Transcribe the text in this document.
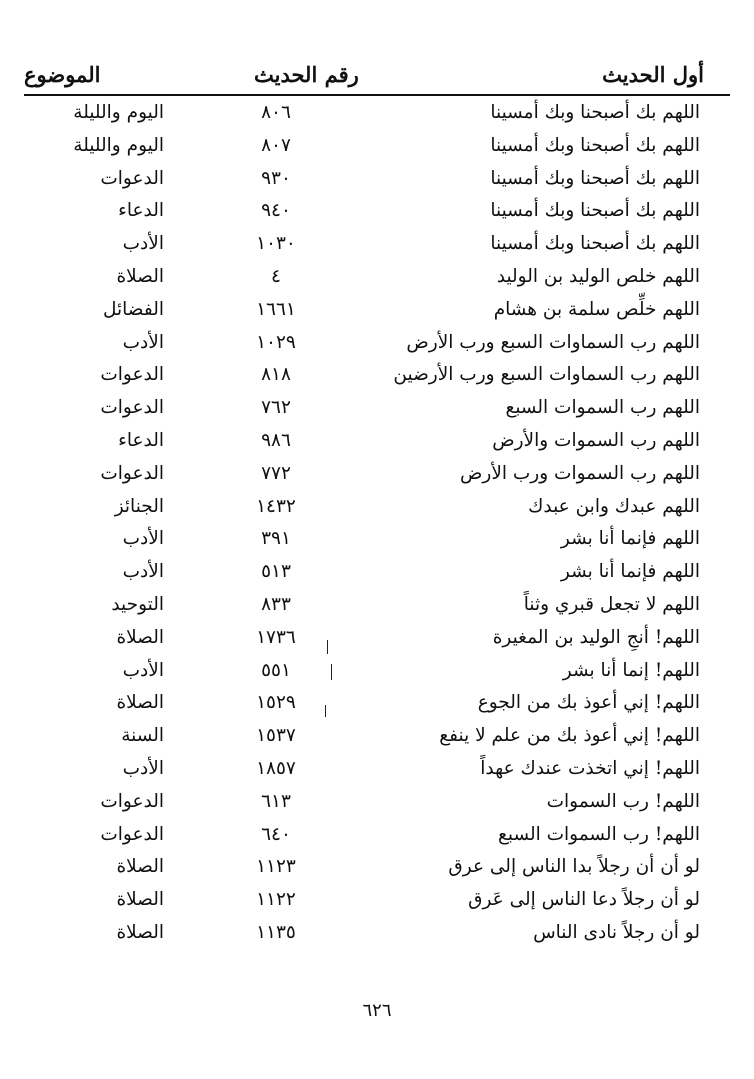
أول الحديث
رقم الحديث
الموضوع
اللهم بك أصبحنا وبك أمسينا
٨٠٦
اليوم والليلة
اللهم بك أصبحنا وبك أمسينا
٨٠٧
اليوم والليلة
اللهم بك أصبحنا وبك أمسينا
٩٣٠
الدعوات
اللهم بك أصبحنا وبك أمسينا
٩٤٠
الدعاء
اللهم بك أصبحنا وبك أمسينا
١٠٣٠
الأدب
اللهم خلص الوليد بن الوليد
٤
الصلاة
اللهم خلِّص سلمة بن هشام
١٦٦١
الفضائل
اللهم رب السماوات السبع ورب الأرض
١٠٢٩
الأدب
اللهم رب السماوات السبع ورب الأرضين
٨١٨
الدعوات
اللهم رب السموات السبع
٧٦٢
الدعوات
اللهم رب السموات والأرض
٩٨٦
الدعاء
اللهم رب السموات ورب الأرض
٧٧٢
الدعوات
اللهم عبدك وابن عبدك
١٤٣٢
الجنائز
اللهم فإنما أنا بشر
٣٩١
الأدب
اللهم فإنما أنا بشر
٥١٣
الأدب
اللهم لا تجعل قبري وثناً
٨٣٣
التوحيد
اللهم! أنجِ الوليد بن المغيرة
١٧٣٦
الصلاة
اللهم! إنما أنا بشر
٥٥١
الأدب
اللهم! إني أعوذ بك من الجوع
١٥٢٩
الصلاة
اللهم! إني أعوذ بك من علم لا ينفع
١٥٣٧
السنة
اللهم! إني اتخذت عندك عهداً
١٨٥٧
الأدب
اللهم! رب السموات
٦١٣
الدعوات
اللهم! رب السموات السبع
٦٤٠
الدعوات
لو أن أن رجلاً بدا الناس إلى عرق
١١٢٣
الصلاة
لو أن رجلاً دعا الناس إلى عَرق
١١٢٢
الصلاة
لو أن رجلاً نادى الناس
١١٣٥
الصلاة
٦٢٦
